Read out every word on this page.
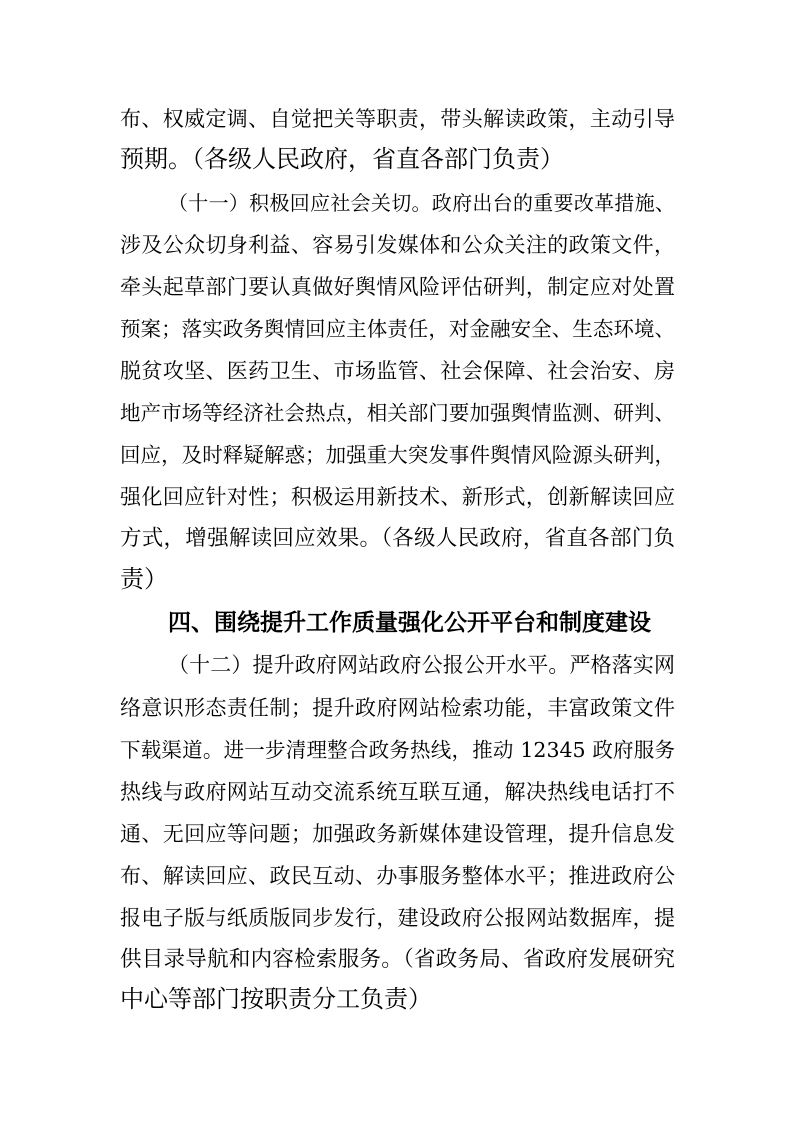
布、权威定调、自觉把关等职责，带头解读政策，主动引导
预期。（各级人民政府，省直各部门负责）
（十一）积极回应社会关切。政府出台的重要改革措施、
涉及公众切身利益、容易引发媒体和公众关注的政策文件，
牵头起草部门要认真做好舆情风险评估研判，制定应对处置
预案；落实政务舆情回应主体责任，对金融安全、生态环境、
脱贫攻坚、医药卫生、市场监管、社会保障、社会治安、房
地产市场等经济社会热点，相关部门要加强舆情监测、研判、
回应，及时释疑解惑；加强重大突发事件舆情风险源头研判，
强化回应针对性；积极运用新技术、新形式，创新解读回应
方式，增强解读回应效果。（各级人民政府，省直各部门负
责）
四、围绕提升工作质量强化公开平台和制度建设
（十二）提升政府网站政府公报公开水平。严格落实网
络意识形态责任制；提升政府网站检索功能，丰富政策文件
下载渠道。进一步清理整合政务热线，推动 12345 政府服务
热线与政府网站互动交流系统互联互通，解决热线电话打不
通、无回应等问题；加强政务新媒体建设管理，提升信息发
布、解读回应、政民互动、办事服务整体水平；推进政府公
报电子版与纸质版同步发行，建设政府公报网站数据库，提
供目录导航和内容检索服务。（省政务局、省政府发展研究
中心等部门按职责分工负责）
